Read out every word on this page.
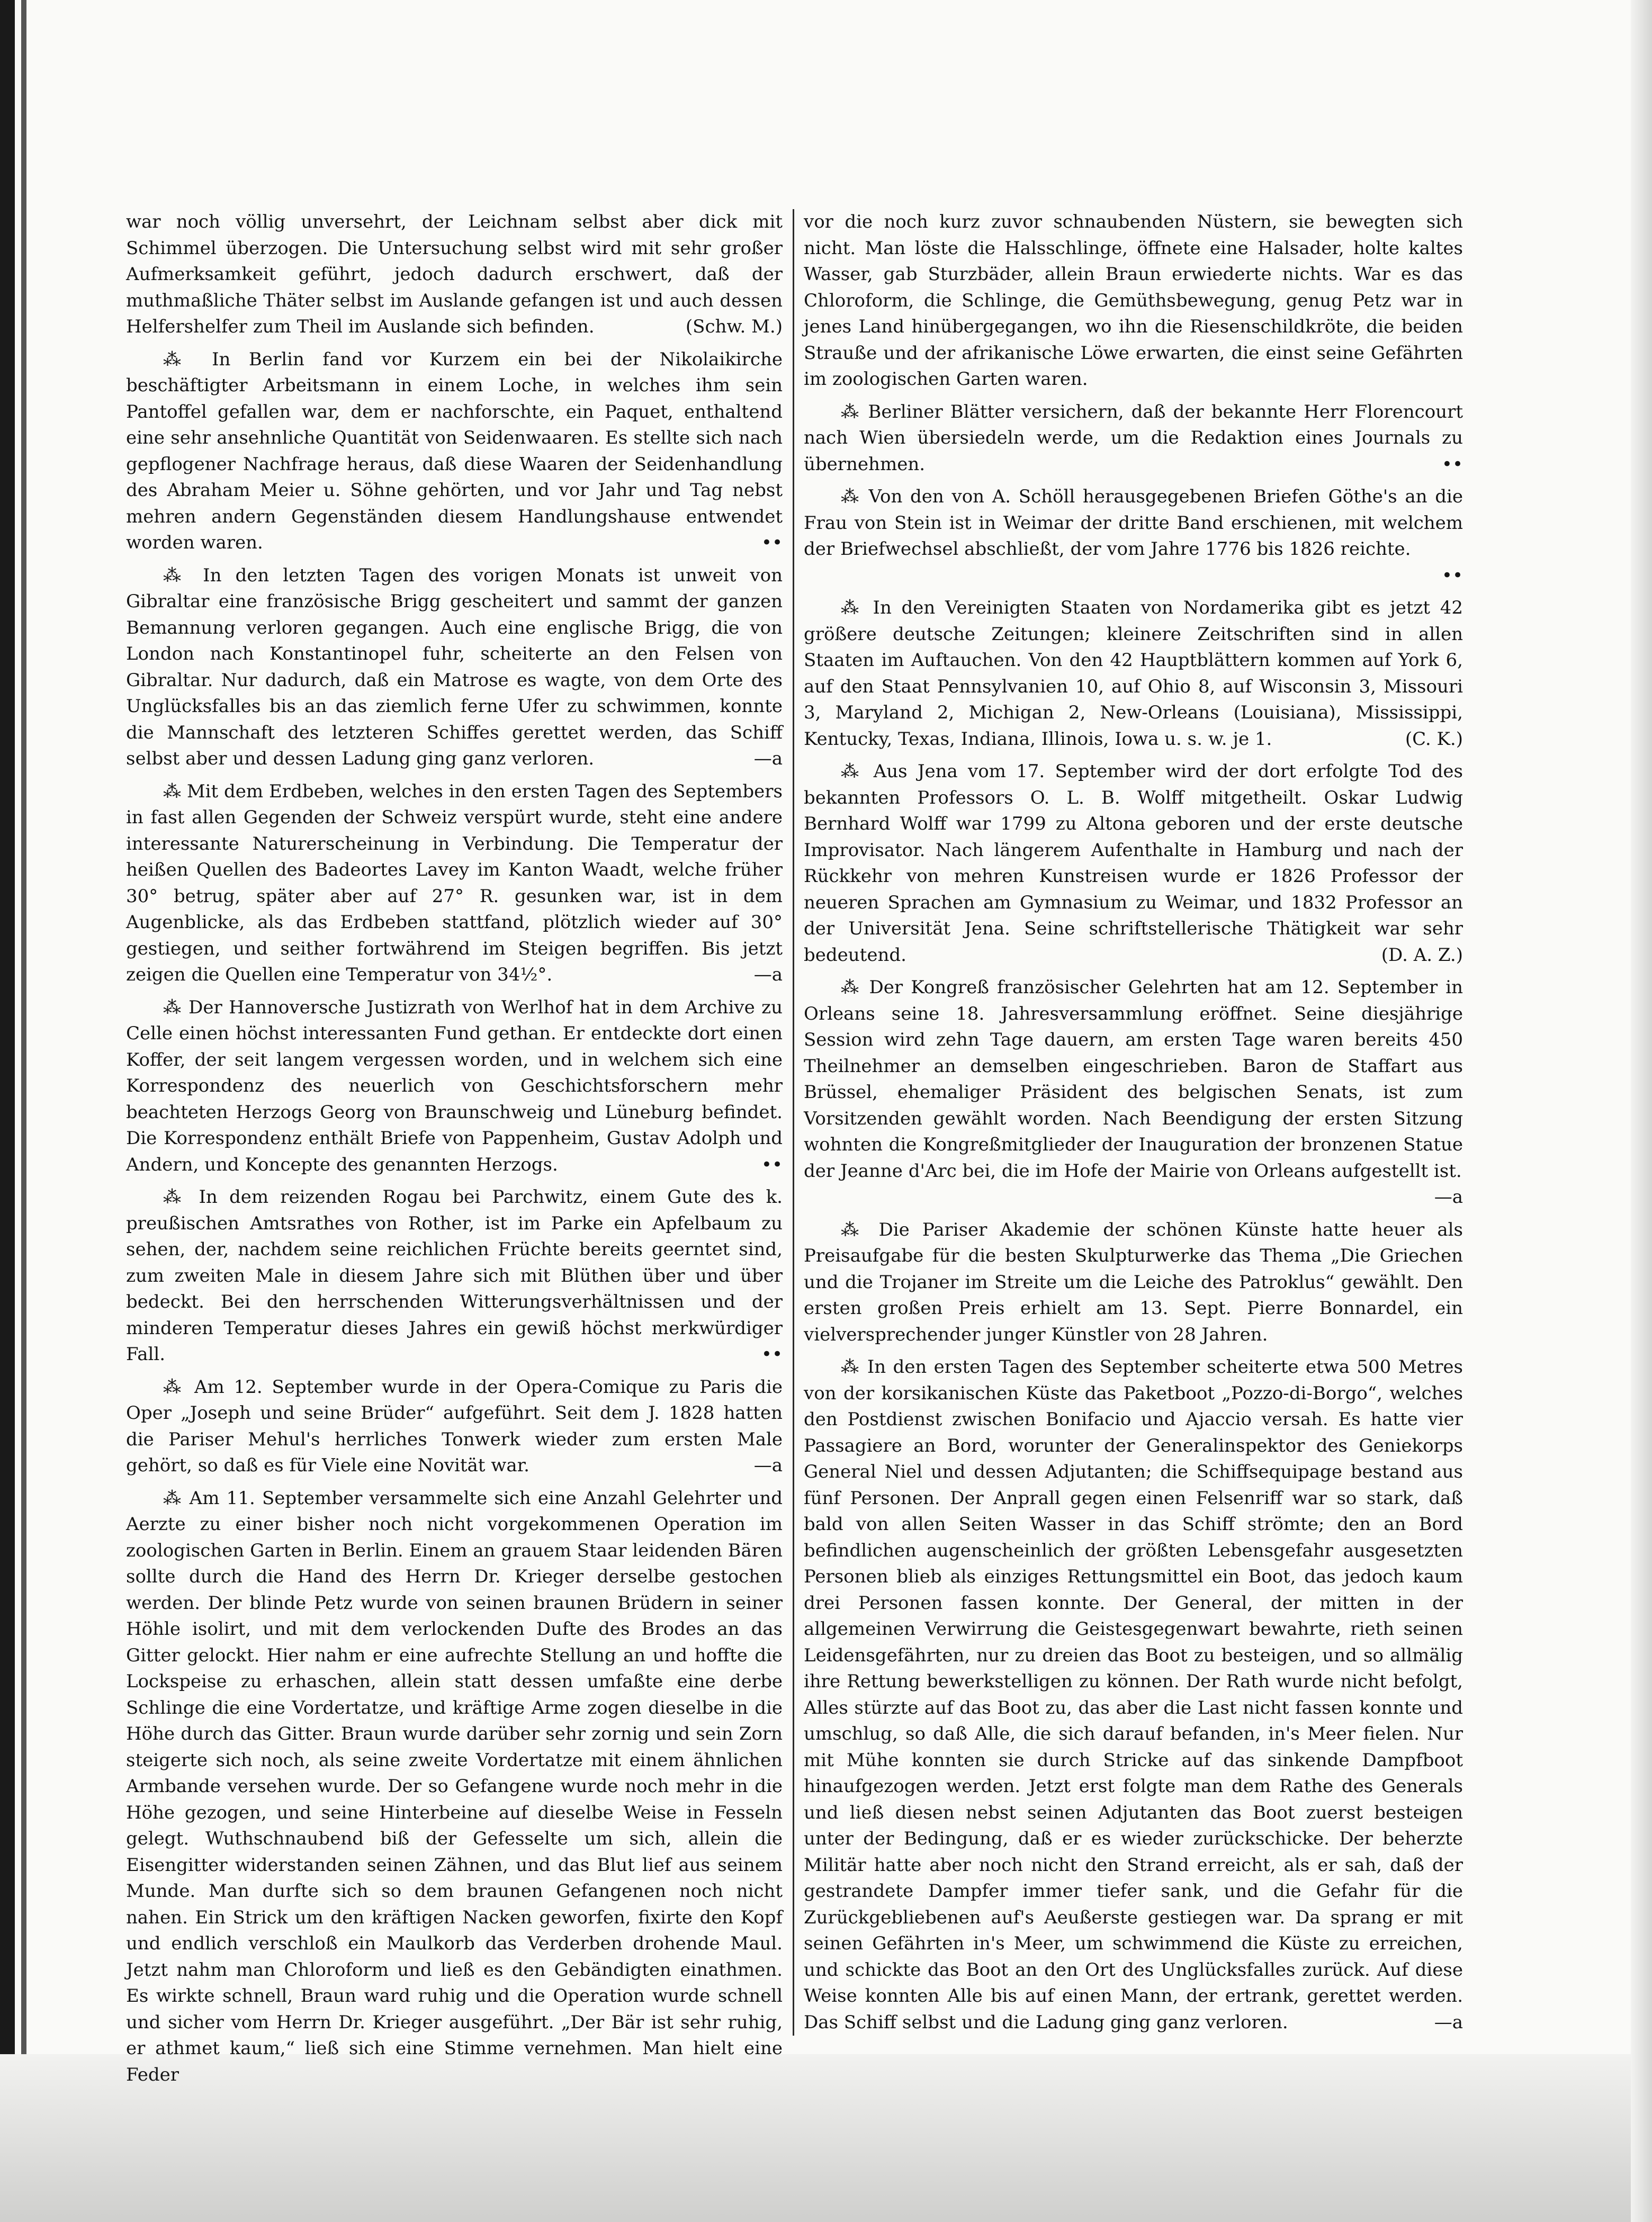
war noch völlig unversehrt, der Leichnam selbst aber dick mit Schimmel überzogen. Die Untersuchung selbst wird mit sehr großer Aufmerksamkeit geführt, jedoch dadurch erschwert, daß der muthmaßliche Thäter selbst im Auslande gefangen ist und auch dessen Helfershelfer zum Theil im Auslande sich befinden.	(Schw. M.)

⁂ In Berlin fand vor Kurzem ein bei der Nikolaikirche beschäftigter Arbeitsmann in einem Loche, in welches ihm sein Pantoffel gefallen war, dem er nachforschte, ein Paquet, enthaltend eine sehr ansehnliche Quantität von Seidenwaaren. Es stellte sich nach gepflogener Nachfrage heraus, daß diese Waaren der Seidenhandlung des Abraham Meier u. Söhne gehörten, und vor Jahr und Tag nebst mehren andern Gegenständen diesem Handlungshause entwendet worden waren.	••

⁂ In den letzten Tagen des vorigen Monats ist unweit von Gibraltar eine französische Brigg gescheitert und sammt der ganzen Bemannung verloren gegangen. Auch eine englische Brigg, die von London nach Konstantinopel fuhr, scheiterte an den Felsen von Gibraltar. Nur dadurch, daß ein Matrose es wagte, von dem Orte des Unglücksfalles bis an das ziemlich ferne Ufer zu schwimmen, konnte die Mannschaft des letzteren Schiffes gerettet werden, das Schiff selbst aber und dessen Ladung ging ganz verloren.	—a

⁂ Mit dem Erdbeben, welches in den ersten Tagen des Septembers in fast allen Gegenden der Schweiz verspürt wurde, steht eine andere interessante Naturerscheinung in Verbindung. Die Temperatur der heißen Quellen des Badeortes Lavey im Kanton Waadt, welche früher 30° betrug, später aber auf 27° R. gesunken war, ist in dem Augenblicke, als das Erdbeben stattfand, plötzlich wieder auf 30° gestiegen, und seither fortwährend im Steigen begriffen. Bis jetzt zeigen die Quellen eine Temperatur von 34½°.	—a

⁂ Der Hannoversche Justizrath von Werlhof hat in dem Archive zu Celle einen höchst interessanten Fund gethan. Er entdeckte dort einen Koffer, der seit langem vergessen worden, und in welchem sich eine Korrespondenz des neuerlich von Geschichtsforschern mehr beachteten Herzogs Georg von Braunschweig und Lüneburg befindet. Die Korrespondenz enthält Briefe von Pappenheim, Gustav Adolph und Andern, und Koncepte des genannten Herzogs.	••

⁂ In dem reizenden Rogau bei Parchwitz, einem Gute des k. preußischen Amtsrathes von Rother, ist im Parke ein Apfelbaum zu sehen, der, nachdem seine reichlichen Früchte bereits geerntet sind, zum zweiten Male in diesem Jahre sich mit Blüthen über und über bedeckt. Bei den herrschenden Witterungsverhältnissen und der minderen Temperatur dieses Jahres ein gewiß höchst merkwürdiger Fall.	••

⁂ Am 12. September wurde in der Opera-Comique zu Paris die Oper „Joseph und seine Brüder“ aufgeführt. Seit dem J. 1828 hatten die Pariser Mehul's herrliches Tonwerk wieder zum ersten Male gehört, so daß es für Viele eine Novität war.	—a

⁂ Am 11. September versammelte sich eine Anzahl Gelehrter und Aerzte zu einer bisher noch nicht vorgekommenen Operation im zoologischen Garten in Berlin. Einem an grauem Staar leidenden Bären sollte durch die Hand des Herrn Dr. Krieger derselbe gestochen werden. Der blinde Petz wurde von seinen braunen Brüdern in seiner Höhle isolirt, und mit dem verlockenden Dufte des Brodes an das Gitter gelockt. Hier nahm er eine aufrechte Stellung an und hoffte die Lockspeise zu erhaschen, allein statt dessen umfaßte eine derbe Schlinge die eine Vordertatze, und kräftige Arme zogen dieselbe in die Höhe durch das Gitter. Braun wurde darüber sehr zornig und sein Zorn steigerte sich noch, als seine zweite Vordertatze mit einem ähnlichen Armbande versehen wurde. Der so Gefangene wurde noch mehr in die Höhe gezogen, und seine Hinterbeine auf dieselbe Weise in Fesseln gelegt. Wuthschnaubend biß der Gefesselte um sich, allein die Eisengitter widerstanden seinen Zähnen, und das Blut lief aus seinem Munde. Man durfte sich so dem braunen Gefangenen noch nicht nahen. Ein Strick um den kräftigen Nacken geworfen, fixirte den Kopf und endlich verschloß ein Maulkorb das Verderben drohende Maul. Jetzt nahm man Chloroform und ließ es den Gebändigten einathmen. Es wirkte schnell, Braun ward ruhig und die Operation wurde schnell und sicher vom Herrn Dr. Krieger ausgeführt. „Der Bär ist sehr ruhig, er athmet kaum,“ ließ sich eine Stimme vernehmen. Man hielt eine Feder

vor die noch kurz zuvor schnaubenden Nüstern, sie bewegten sich nicht. Man löste die Halsschlinge, öffnete eine Halsader, holte kaltes Wasser, gab Sturzbäder, allein Braun erwiederte nichts. War es das Chloroform, die Schlinge, die Gemüthsbewegung, genug Petz war in jenes Land hinübergegangen, wo ihn die Riesenschildkröte, die beiden Strauße und der afrikanische Löwe erwarten, die einst seine Gefährten im zoologischen Garten waren.

⁂ Berliner Blätter versichern, daß der bekannte Herr Florencourt nach Wien übersiedeln werde, um die Redaktion eines Journals zu übernehmen.	••

⁂ Von den von A. Schöll herausgegebenen Briefen Göthe's an die Frau von Stein ist in Weimar der dritte Band erschienen, mit welchem der Briefwechsel abschließt, der vom Jahre 1776 bis 1826 reichte.
••

⁂ In den Vereinigten Staaten von Nordamerika gibt es jetzt 42 größere deutsche Zeitungen; kleinere Zeitschriften sind in allen Staaten im Auftauchen. Von den 42 Hauptblättern kommen auf York 6, auf den Staat Pennsylvanien 10, auf Ohio 8, auf Wisconsin 3, Missouri 3, Maryland 2, Michigan 2, New-Orleans (Louisiana), Mississippi, Kentucky, Texas, Indiana, Illinois, Iowa u. s. w. je 1.	(C. K.)

⁂ Aus Jena vom 17. September wird der dort erfolgte Tod des bekannten Professors O. L. B. Wolff mitgetheilt. Oskar Ludwig Bernhard Wolff war 1799 zu Altona geboren und der erste deutsche Improvisator. Nach längerem Aufenthalte in Hamburg und nach der Rückkehr von mehren Kunstreisen wurde er 1826 Professor der neueren Sprachen am Gymnasium zu Weimar, und 1832 Professor an der Universität Jena. Seine schriftstellerische Thätigkeit war sehr bedeutend.	(D. A. Z.)

⁂ Der Kongreß französischer Gelehrten hat am 12. September in Orleans seine 18. Jahresversammlung eröffnet. Seine diesjährige Session wird zehn Tage dauern, am ersten Tage waren bereits 450 Theilnehmer an demselben eingeschrieben. Baron de Staffart aus Brüssel, ehemaliger Präsident des belgischen Senats, ist zum Vorsitzenden gewählt worden. Nach Beendigung der ersten Sitzung wohnten die Kongreßmitglieder der Inauguration der bronzenen Statue der Jeanne d'Arc bei, die im Hofe der Mairie von Orleans aufgestellt ist.
—a

⁂ Die Pariser Akademie der schönen Künste hatte heuer als Preisaufgabe für die besten Skulpturwerke das Thema „Die Griechen und die Trojaner im Streite um die Leiche des Patroklus“ gewählt. Den ersten großen Preis erhielt am 13. Sept. Pierre Bonnardel, ein vielversprechender junger Künstler von 28 Jahren.

⁂ In den ersten Tagen des September scheiterte etwa 500 Metres von der korsikanischen Küste das Paketboot „Pozzo-di-Borgo“, welches den Postdienst zwischen Bonifacio und Ajaccio versah. Es hatte vier Passagiere an Bord, worunter der Generalinspektor des Geniekorps General Niel und dessen Adjutanten; die Schiffsequipage bestand aus fünf Personen. Der Anprall gegen einen Felsenriff war so stark, daß bald von allen Seiten Wasser in das Schiff strömte; den an Bord befindlichen augenscheinlich der größten Lebensgefahr ausgesetzten Personen blieb als einziges Rettungsmittel ein Boot, das jedoch kaum drei Personen fassen konnte. Der General, der mitten in der allgemeinen Verwirrung die Geistesgegenwart bewahrte, rieth seinen Leidensgefährten, nur zu dreien das Boot zu besteigen, und so allmälig ihre Rettung bewerkstelligen zu können. Der Rath wurde nicht befolgt, Alles stürzte auf das Boot zu, das aber die Last nicht fassen konnte und umschlug, so daß Alle, die sich darauf befanden, in's Meer fielen. Nur mit Mühe konnten sie durch Stricke auf das sinkende Dampfboot hinaufgezogen werden. Jetzt erst folgte man dem Rathe des Generals und ließ diesen nebst seinen Adjutanten das Boot zuerst besteigen unter der Bedingung, daß er es wieder zurückschicke. Der beherzte Militär hatte aber noch nicht den Strand erreicht, als er sah, daß der gestrandete Dampfer immer tiefer sank, und die Gefahr für die Zurückgebliebenen auf's Aeußerste gestiegen war. Da sprang er mit seinen Gefährten in's Meer, um schwimmend die Küste zu erreichen, und schickte das Boot an den Ort des Unglücksfalles zurück. Auf diese Weise konnten Alle bis auf einen Mann, der ertrank, gerettet werden. Das Schiff selbst und die Ladung ging ganz verloren.	—a
